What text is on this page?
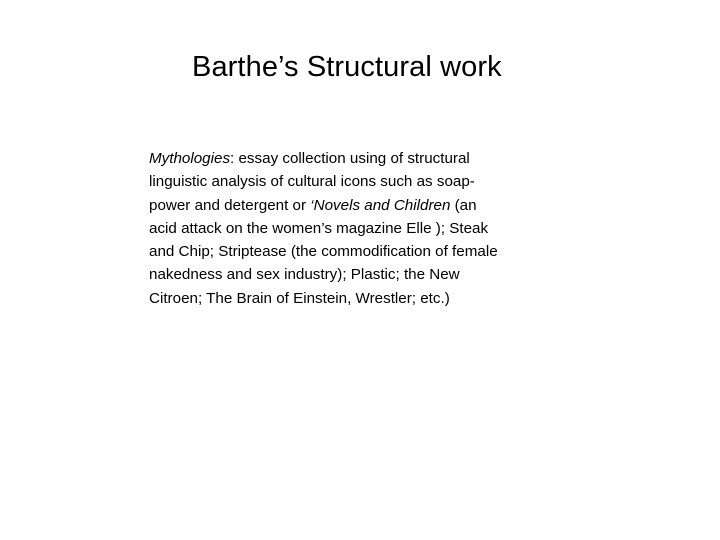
Barthe’s Structural work
Mythologies: essay collection using of structural
linguistic analysis of cultural icons such as soap-
power and detergent or ‘Novels and Children (an
acid attack on the women’s magazine Elle ); Steak
and Chip; Striptease (the commodification of female
nakedness and sex industry); Plastic; the New
Citroen; The Brain of Einstein, Wrestler; etc.)
